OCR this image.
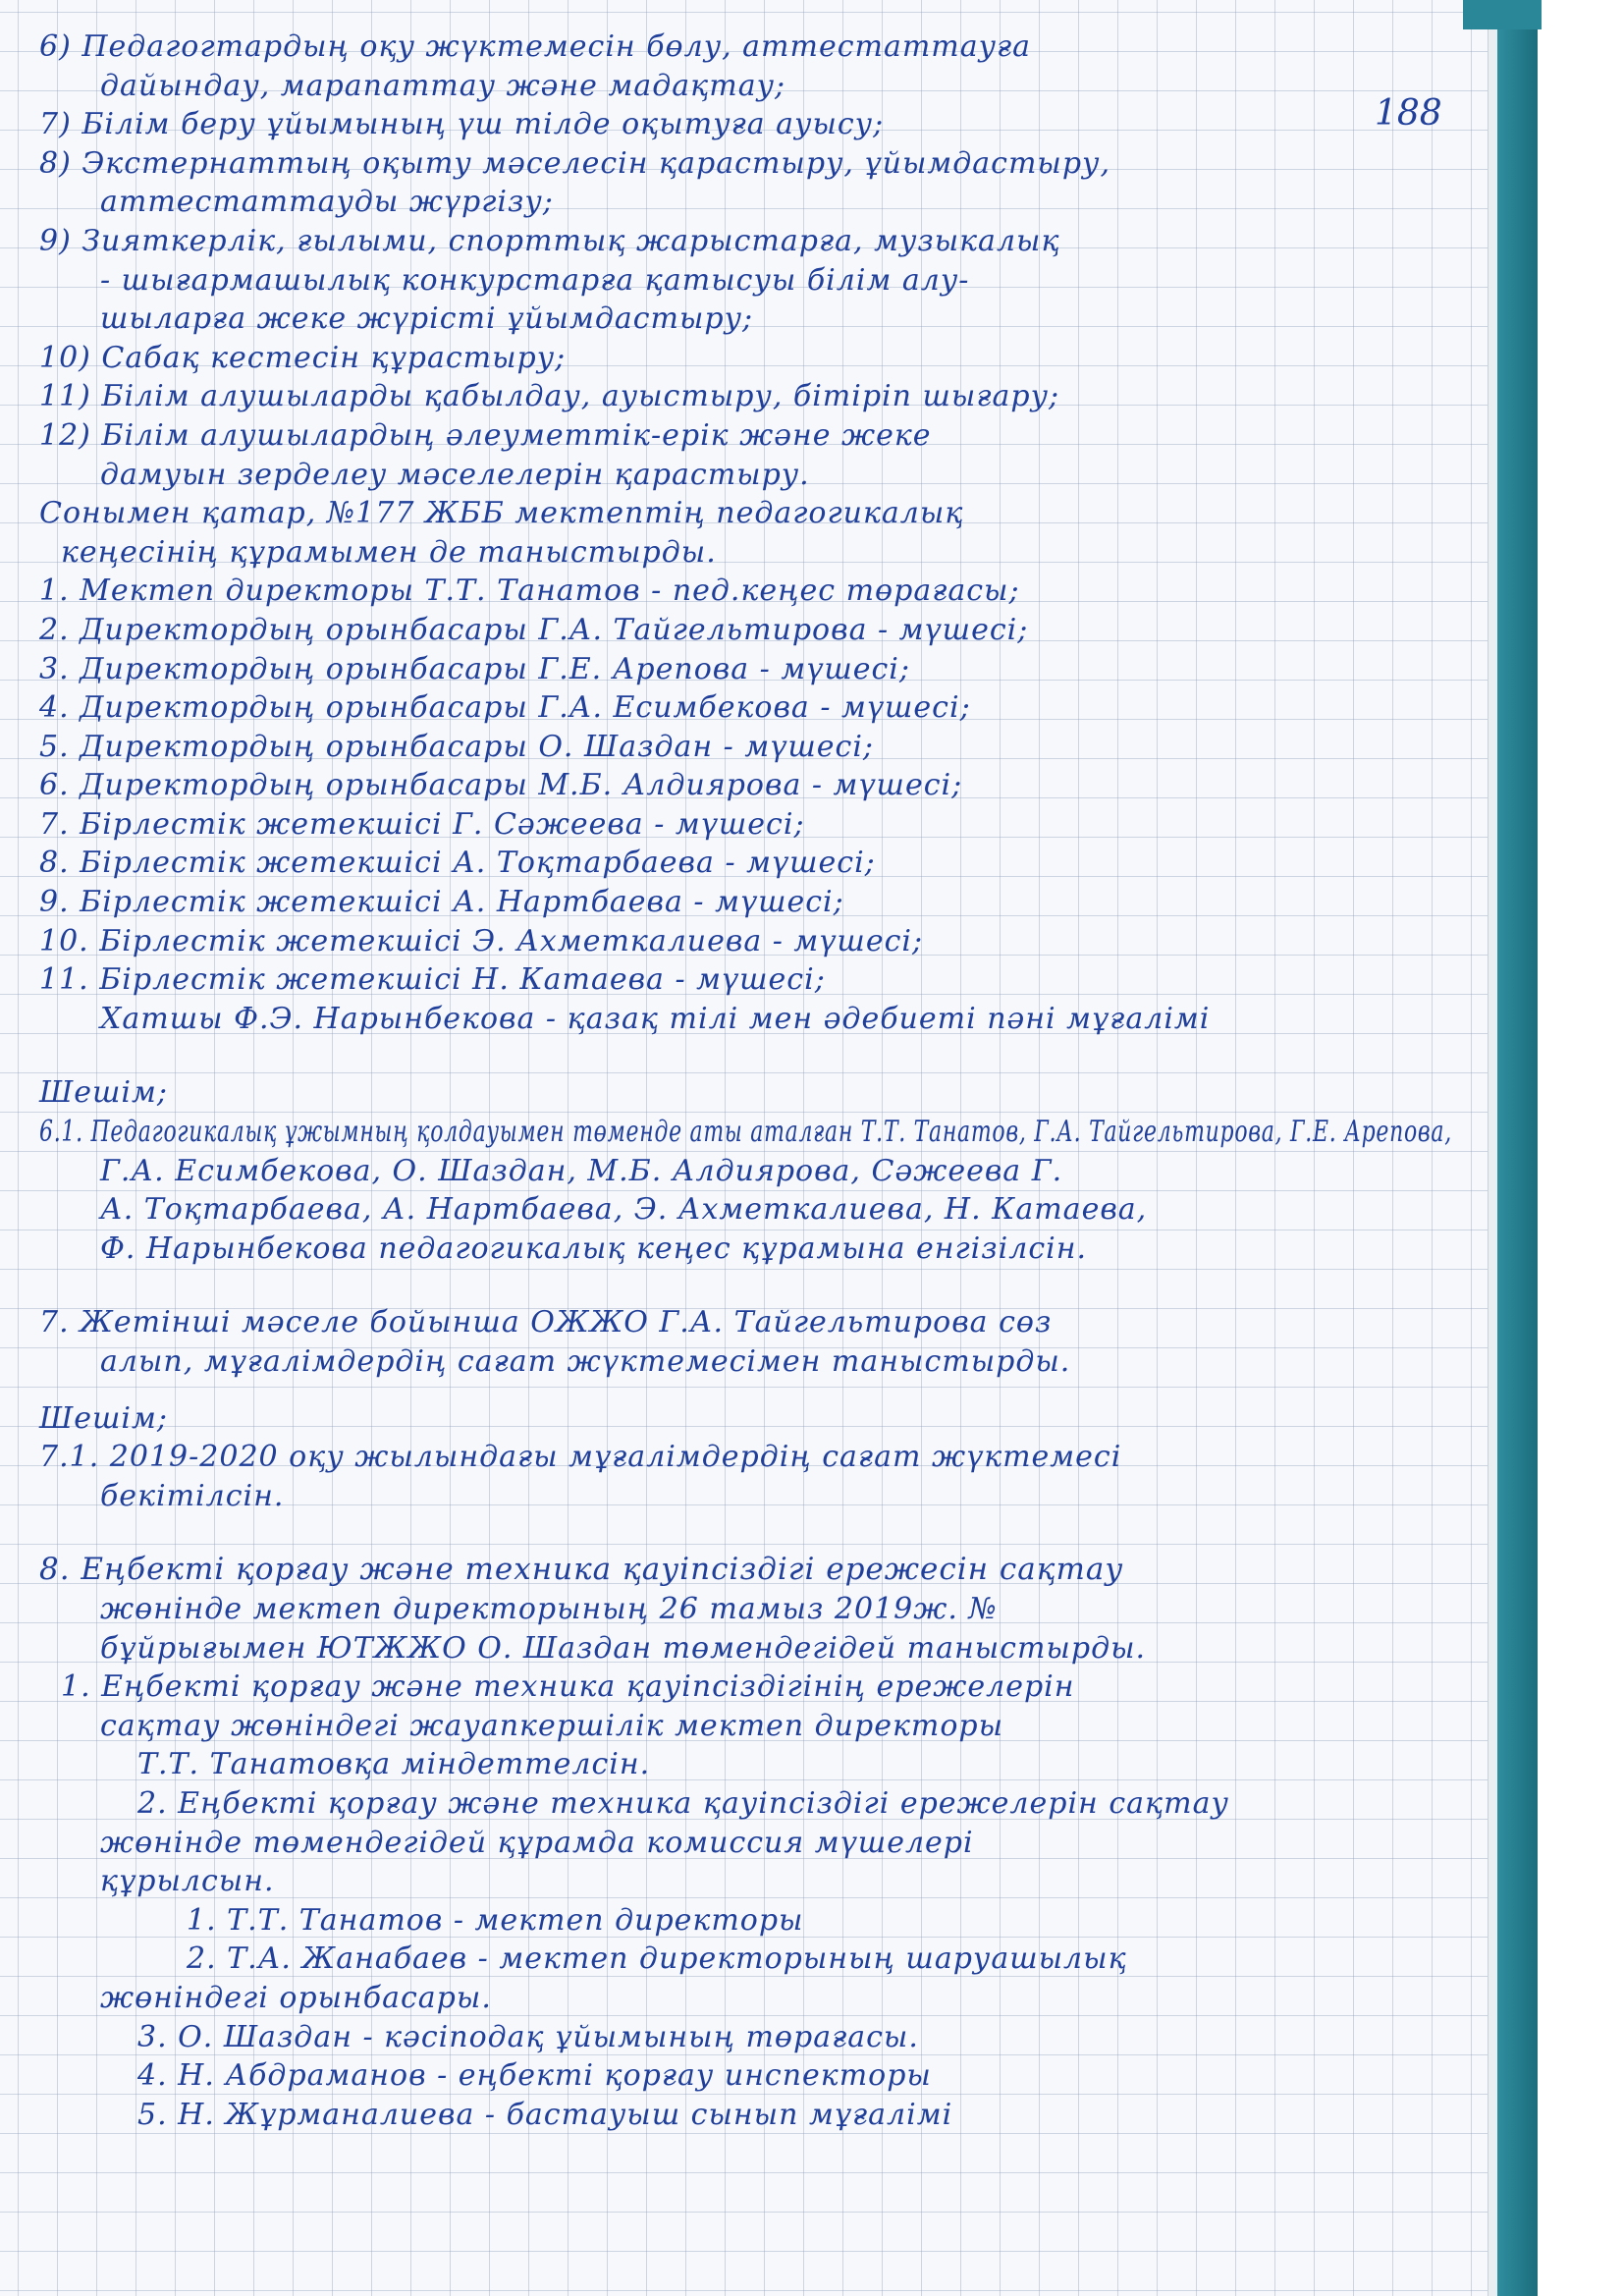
188
6) Педагогтардың оқу жүктемесін бөлу, аттестаттауға
дайындау, марапаттау және мадақтау;
7) Білім беру ұйымының үш тілде оқытуға ауысу;
8) Экстернаттың оқыту мәселесін қарастыру, ұйымдастыру,
аттестаттауды жүргізу;
9) Зияткерлік, ғылыми, спорттық жарыстарға, музыкалық
- шығармашылық конкурстарға қатысуы білім алу-
шыларға жеке жүрісті ұйымдастыру;
10) Сабақ кестесін құрастыру;
11) Білім алушыларды қабылдау, ауыстыру, бітіріп шығару;
12) Білім алушылардың әлеуметтік-ерік және жеке
дамуын зерделеу мәселелерін қарастыру.
Сонымен қатар, №177 ЖББ мектептің педагогикалық
кеңесінің құрамымен де таныстырды.
1. Мектеп директоры Т.Т. Танатов - пед.кеңес төрағасы;
2. Директордың орынбасары Г.А. Тайгельтирова - мүшесі;
3. Директордың орынбасары Г.Е. Арепова - мүшесі;
4. Директордың орынбасары Г.А. Есимбекова - мүшесі;
5. Директордың орынбасары О. Шаздан - мүшесі;
6. Директордың орынбасары М.Б. Алдиярова - мүшесі;
7. Бірлестік жетекшісі Г. Сәжеева - мүшесі;
8. Бірлестік жетекшісі А. Тоқтарбаева - мүшесі;
9. Бірлестік жетекшісі А. Нартбаева - мүшесі;
10. Бірлестік жетекшісі Э. Ахметкалиева - мүшесі;
11. Бірлестік жетекшісі Н. Катаева - мүшесі;
Хатшы Ф.Э. Нарынбекова - қазақ тілі мен әдебиеті пәні мұғалімі
Шешім;
6.1. Педагогикалық ұжымның қолдауымен төменде аты аталған Т.Т. Танатов, Г.А. Тайгельтирова, Г.Е. Арепова,
Г.А. Есимбекова, О. Шаздан, М.Б. Алдиярова, Сәжеева Г.
А. Тоқтарбаева, А. Нартбаева, Э. Ахметкалиева, Н. Катаева,
Ф. Нарынбекова педагогикалық кеңес құрамына енгізілсін.
7. Жетінші мәселе бойынша ОЖЖО Г.А. Тайгельтирова сөз
алып, мұғалімдердің сағат жүктемесімен таныстырды.
Шешім;
7.1. 2019-2020 оқу жылындағы мұғалімдердің сағат жүктемесі
бекітілсін.
8. Еңбекті қорғау және техника қауіпсіздігі ережесін сақтау
жөнінде мектеп директорының 26 тамыз 2019ж. №
бұйрығымен ЮТЖЖО О. Шаздан төмендегідей таныстырды.
1. Еңбекті қорғау және техника қауіпсіздігінің ережелерін
сақтау жөніндегі жауапкершілік мектеп директоры
Т.Т. Танатовқа міндеттелсін.
2. Еңбекті қорғау және техника қауіпсіздігі ережелерін сақтау
жөнінде төмендегідей құрамда комиссия мүшелері
құрылсын.
1. Т.Т. Танатов - мектеп директоры
2. Т.А. Жанабаев - мектеп директорының шаруашылық
жөніндегі орынбасары.
3. О. Шаздан - кәсіподақ ұйымының төрағасы.
4. Н. Абдраманов - еңбекті қорғау инспекторы
5. Н. Жұрманалиева - бастауыш сынып мұғалімі
